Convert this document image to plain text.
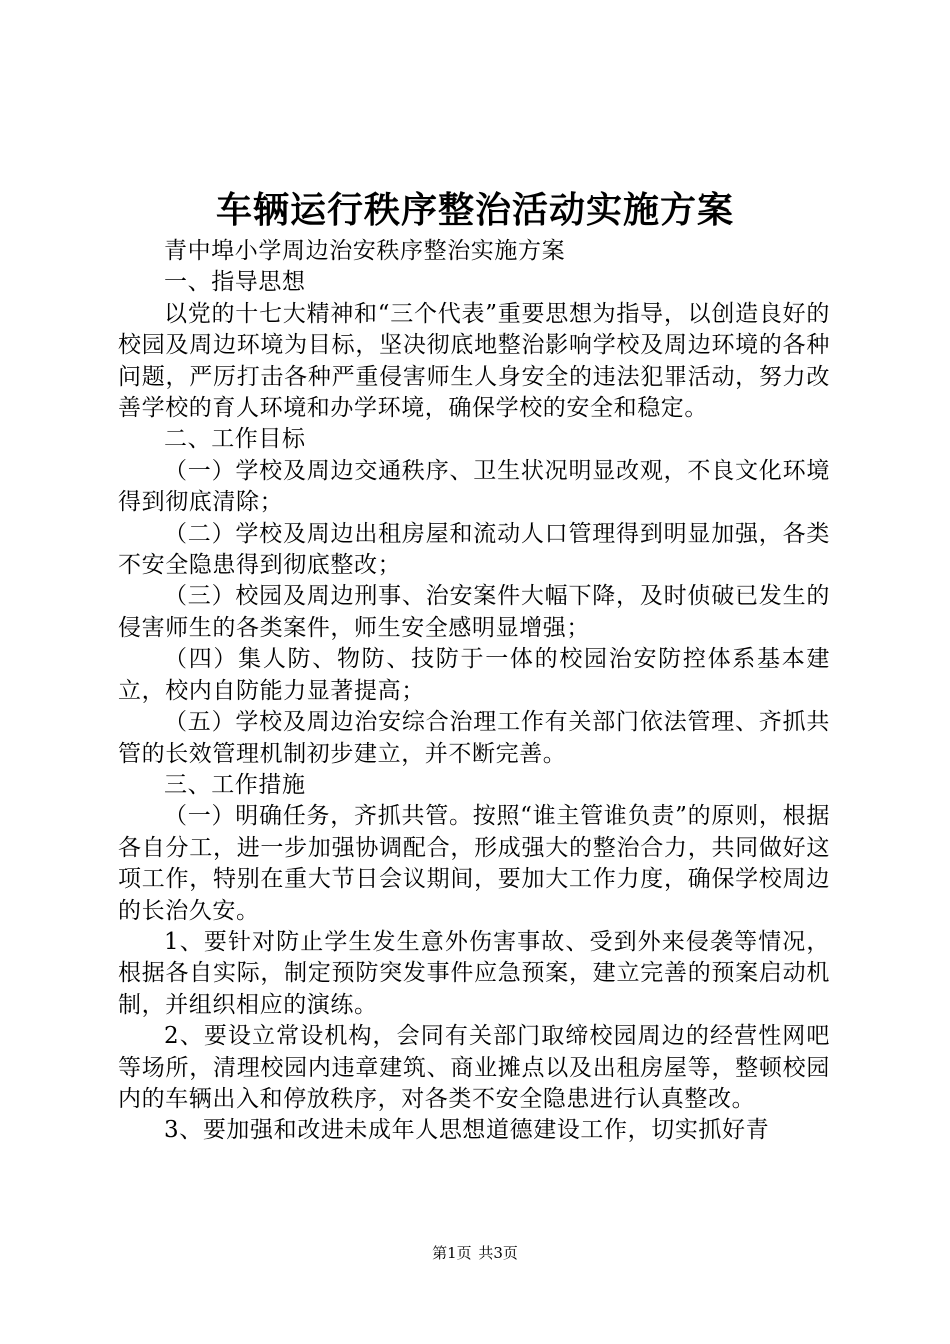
车辆运行秩序整治活动实施方案

青中埠小学周边治安秩序整治实施方案

一、指导思想

以党的十七大精神和“三个代表”重要思想为指导，以创造良好的校园及周边环境为目标，坚决彻底地整治影响学校及周边环境的各种问题，严厉打击各种严重侵害师生人身安全的违法犯罪活动，努力改善学校的育人环境和办学环境，确保学校的安全和稳定。

二、工作目标

（一）学校及周边交通秩序、卫生状况明显改观，不良文化环境得到彻底清除；

（二）学校及周边出租房屋和流动人口管理得到明显加强，各类不安全隐患得到彻底整改；

（三）校园及周边刑事、治安案件大幅下降，及时侦破已发生的侵害师生的各类案件，师生安全感明显增强；

（四）集人防、物防、技防于一体的校园治安防控体系基本建立，校内自防能力显著提高；

（五）学校及周边治安综合治理工作有关部门依法管理、齐抓共管的长效管理机制初步建立，并不断完善。

三、工作措施

（一）明确任务，齐抓共管。按照“谁主管谁负责”的原则，根据各自分工，进一步加强协调配合，形成强大的整治合力，共同做好这项工作，特别在重大节日会议期间，要加大工作力度，确保学校周边的长治久安。

1、要针对防止学生发生意外伤害事故、受到外来侵袭等情况，根据各自实际，制定预防突发事件应急预案，建立完善的预案启动机制，并组织相应的演练。

2、要设立常设机构，会同有关部门取缔校园周边的经营性网吧等场所，清理校园内违章建筑、商业摊点以及出租房屋等，整顿校园内的车辆出入和停放秩序，对各类不安全隐患进行认真整改。

3、要加强和改进未成年人思想道德建设工作，切实抓好青

第1页 共3页
